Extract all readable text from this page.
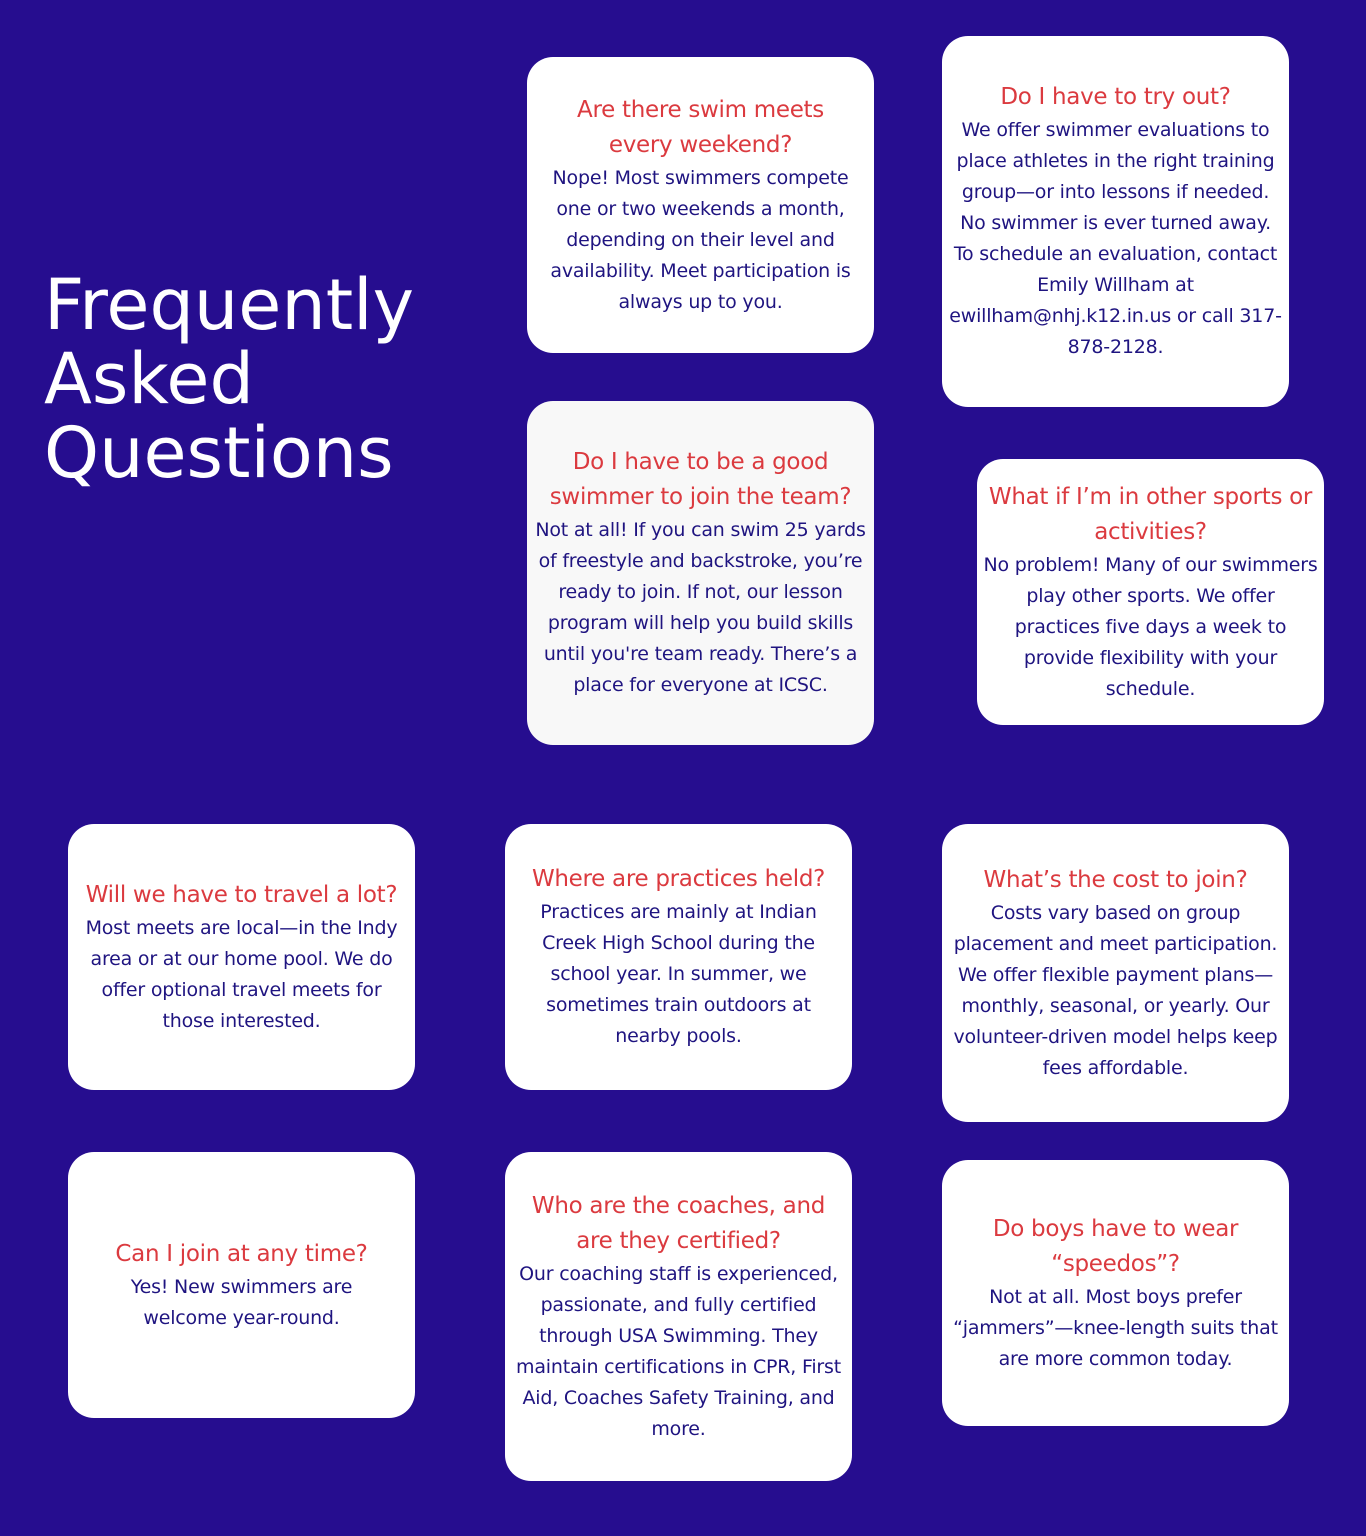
Frequently
Asked
Questions

Are there swim meets every weekend?

Nope! Most swimmers compete one or two weekends a month, depending on their level and availability. Meet participation is always up to you.

Do I have to try out?

We offer swimmer evaluations to place athletes in the right training group—or into lessons if needed. No swimmer is ever turned away. To schedule an evaluation, contact Emily Willham at ewillham@nhj.k12.in.us or call 317-878-2128.

Do I have to be a good swimmer to join the team?

Not at all! If you can swim 25 yards of freestyle and backstroke, you’re ready to join. If not, our lesson program will help you build skills until you're team ready. There’s a place for everyone at ICSC.

What if I’m in other sports or activities?

No problem! Many of our swimmers play other sports. We offer practices five days a week to provide flexibility with your schedule.

Will we have to travel a lot?

Most meets are local—in the Indy area or at our home pool. We do offer optional travel meets for those interested.

Where are practices held?

Practices are mainly at Indian Creek High School during the school year. In summer, we sometimes train outdoors at nearby pools.

What’s the cost to join?

Costs vary based on group placement and meet participation. We offer flexible payment plans—monthly, seasonal, or yearly. Our volunteer-driven model helps keep fees affordable.

Can I join at any time?

Yes! New swimmers are welcome year-round.

Who are the coaches, and are they certified?

Our coaching staff is experienced, passionate, and fully certified through USA Swimming. They maintain certifications in CPR, First Aid, Coaches Safety Training, and more.

Do boys have to wear “speedos”?

Not at all. Most boys prefer “jammers”—knee-length suits that are more common today.
